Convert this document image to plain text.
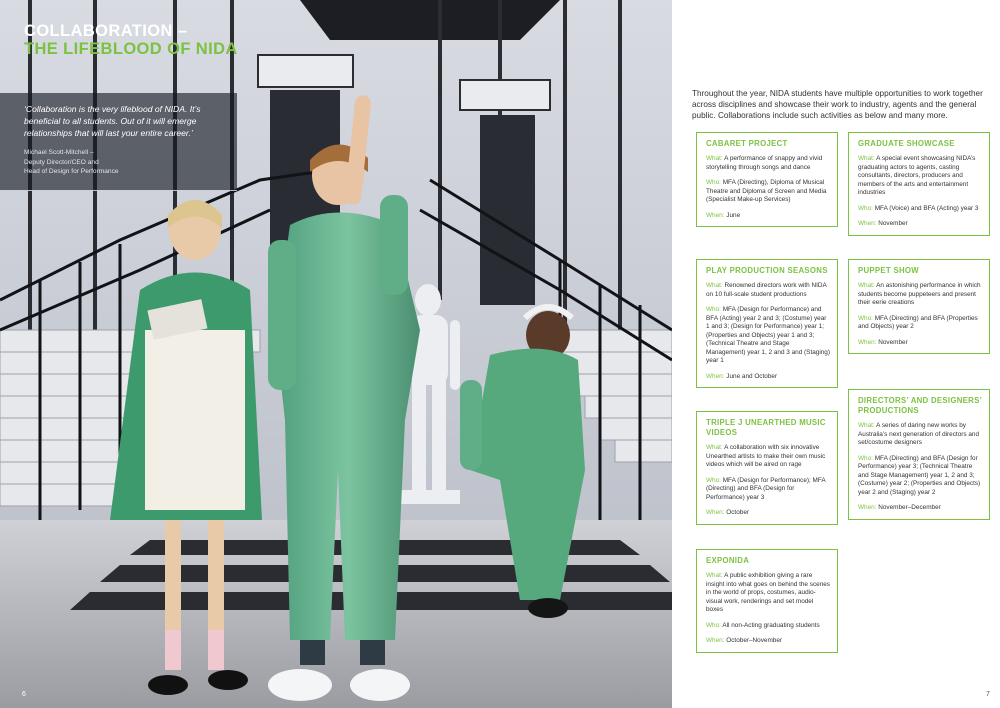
COLLABORATION –
THE LIFEBLOOD OF NIDA

‘Collaboration is the very lifeblood of NIDA. It’s beneficial to all students. Out of it will emerge relationships that will last your entire career.’

Michael Scott-Mitchell –
Deputy Director/CEO and
Head of Design for Performance

6

Throughout the year, NIDA students have multiple opportunities to work together across disciplines and showcase their work to industry, agents and the general public. Collaborations include such activities as below and many more.

CABARET PROJECT

What: A performance of snappy and vivid storytelling through songs and dance

Who: MFA (Directing), Diploma of Musical Theatre and Diploma of Screen and Media (Specialist Make-up Services)

When: June

GRADUATE SHOWCASE

What: A special event showcasing NIDA’s graduating actors to agents, casting consultants, directors, producers and members of the arts and entertainment industries

Who: MFA (Voice) and BFA (Acting) year 3

When: November

PLAY PRODUCTION SEASONS

What: Renowned directors work with NIDA on 10 full-scale student productions

Who: MFA (Design for Performance) and BFA (Acting) year 2 and 3; (Costume) year 1 and 3; (Design for Performance) year 1; (Properties and Objects) year 1 and 3; (Technical Theatre and Stage Management) year 1, 2 and 3 and (Staging) year 1

When: June and October

PUPPET SHOW

What: An astonishing performance in which students become puppeteers and present their eerie creations

Who: MFA (Directing) and BFA (Properties and Objects) year 2

When: November

TRIPLE J UNEARTHED MUSIC VIDEOS

What: A collaboration with six innovative Unearthed artists to make their own music videos which will be aired on rage

Who: MFA (Design for Performance); MFA (Directing) and BFA (Design for Performance) year 3

When: October

DIRECTORS’ AND DESIGNERS’ PRODUCTIONS

What: A series of daring new works by Australia’s next generation of directors and set/costume designers

Who: MFA (Directing) and BFA (Design for Performance) year 3; (Technical Theatre and Stage Management) year 1, 2 and 3; (Costume) year 2; (Properties and Objects) year 2 and (Staging) year 2

When: November–December

EXPONIDA

What: A public exhibition giving a rare insight into what goes on behind the scenes in the world of props, costumes, audio-visual work, renderings and set model boxes

Who: All non-Acting graduating students

When: October–November

7
